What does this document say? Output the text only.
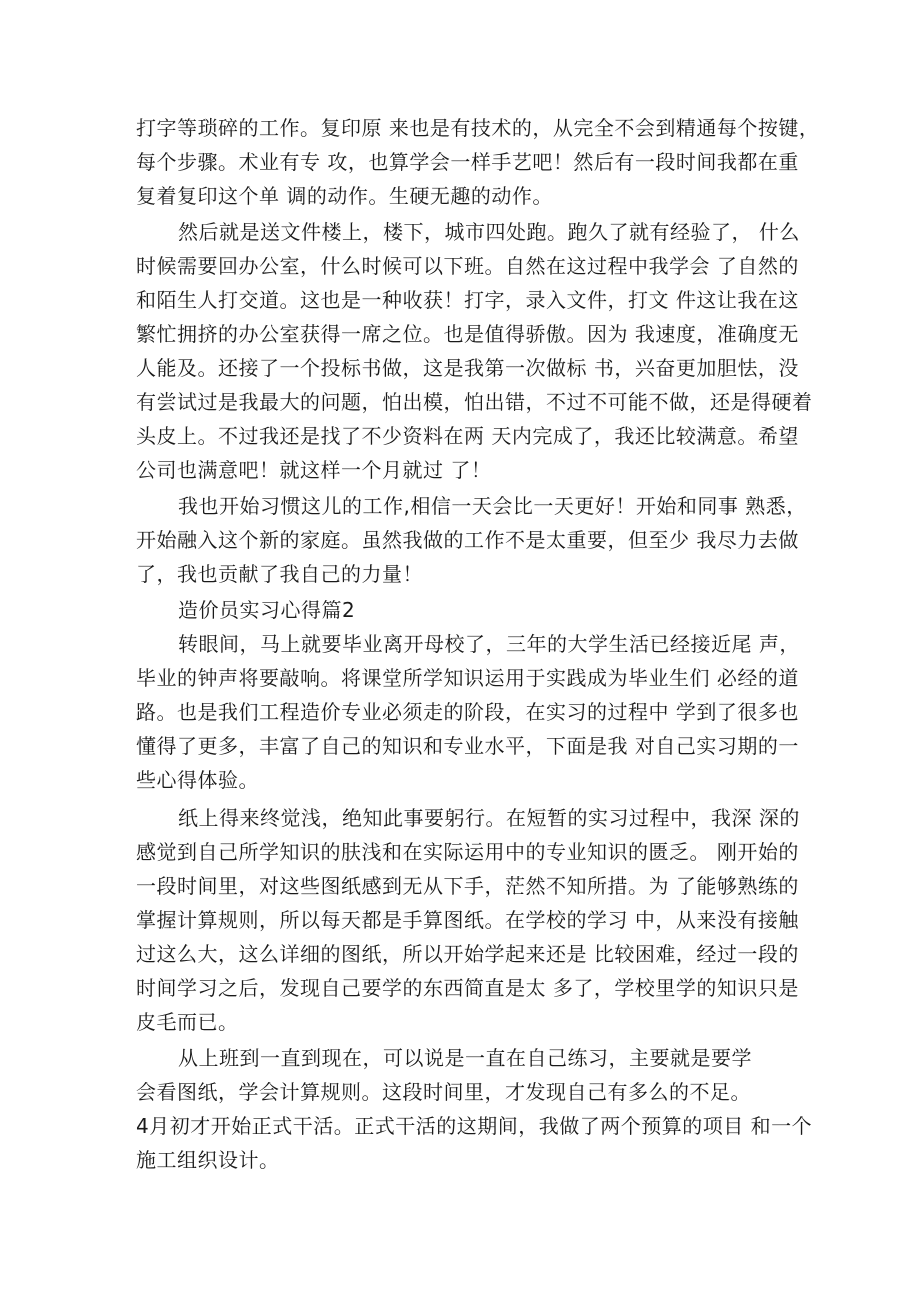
打字等琐碎的工作。复印原 来也是有技术的，从完全不会到精通每个按键，

每个步骤。术业有专 攻，也算学会一样手艺吧！然后有一段时间我都在重

复着复印这个单 调的动作。生硬无趣的动作。

然后就是送文件楼上，楼下，城市四处跑。跑久了就有经验了， 什么

时候需要回办公室，什么时候可以下班。自然在这过程中我学会 了自然的

和陌生人打交道。这也是一种收获！打字，录入文件，打文 件这让我在这

繁忙拥挤的办公室获得一席之位。也是值得骄傲。因为 我速度，准确度无

人能及。还接了一个投标书做，这是我第一次做标 书，兴奋更加胆怯，没

有尝试过是我最大的问题，怕出模，怕出错，不过不可能不做，还是得硬着

头皮上。不过我还是找了不少资料在两 天内完成了，我还比较满意。希望

公司也满意吧！就这样一个月就过 了！

我也开始习惯这儿的工作,相信一天会比一天更好！开始和同事 熟悉，

开始融入这个新的家庭。虽然我做的工作不是太重要，但至少 我尽力去做

了，我也贡献了我自己的力量！

造价员实习心得篇2

转眼间，马上就要毕业离开母校了，三年的大学生活已经接近尾 声，

毕业的钟声将要敲响。将课堂所学知识运用于实践成为毕业生们 必经的道

路。也是我们工程造价专业必须走的阶段，在实习的过程中 学到了很多也

懂得了更多，丰富了自己的知识和专业水平，下面是我 对自己实习期的一

些心得体验。

纸上得来终觉浅，绝知此事要躬行。在短暂的实习过程中，我深 深的

感觉到自己所学知识的肤浅和在实际运用中的专业知识的匮乏。 刚开始的

一段时间里，对这些图纸感到无从下手，茫然不知所措。为 了能够熟练的

掌握计算规则，所以每天都是手算图纸。在学校的学习 中，从来没有接触

过这么大，这么详细的图纸，所以开始学起来还是 比较困难，经过一段的

时间学习之后，发现自己要学的东西简直是太 多了，学校里学的知识只是

皮毛而已。

从上班到一直到现在，可以说是一直在自己练习，主要就是要学

会看图纸，学会计算规则。这段时间里，才发现自己有多么的不足。

4月初才开始正式干活。正式干活的这期间，我做了两个预算的项目 和一个

施工组织设计。
